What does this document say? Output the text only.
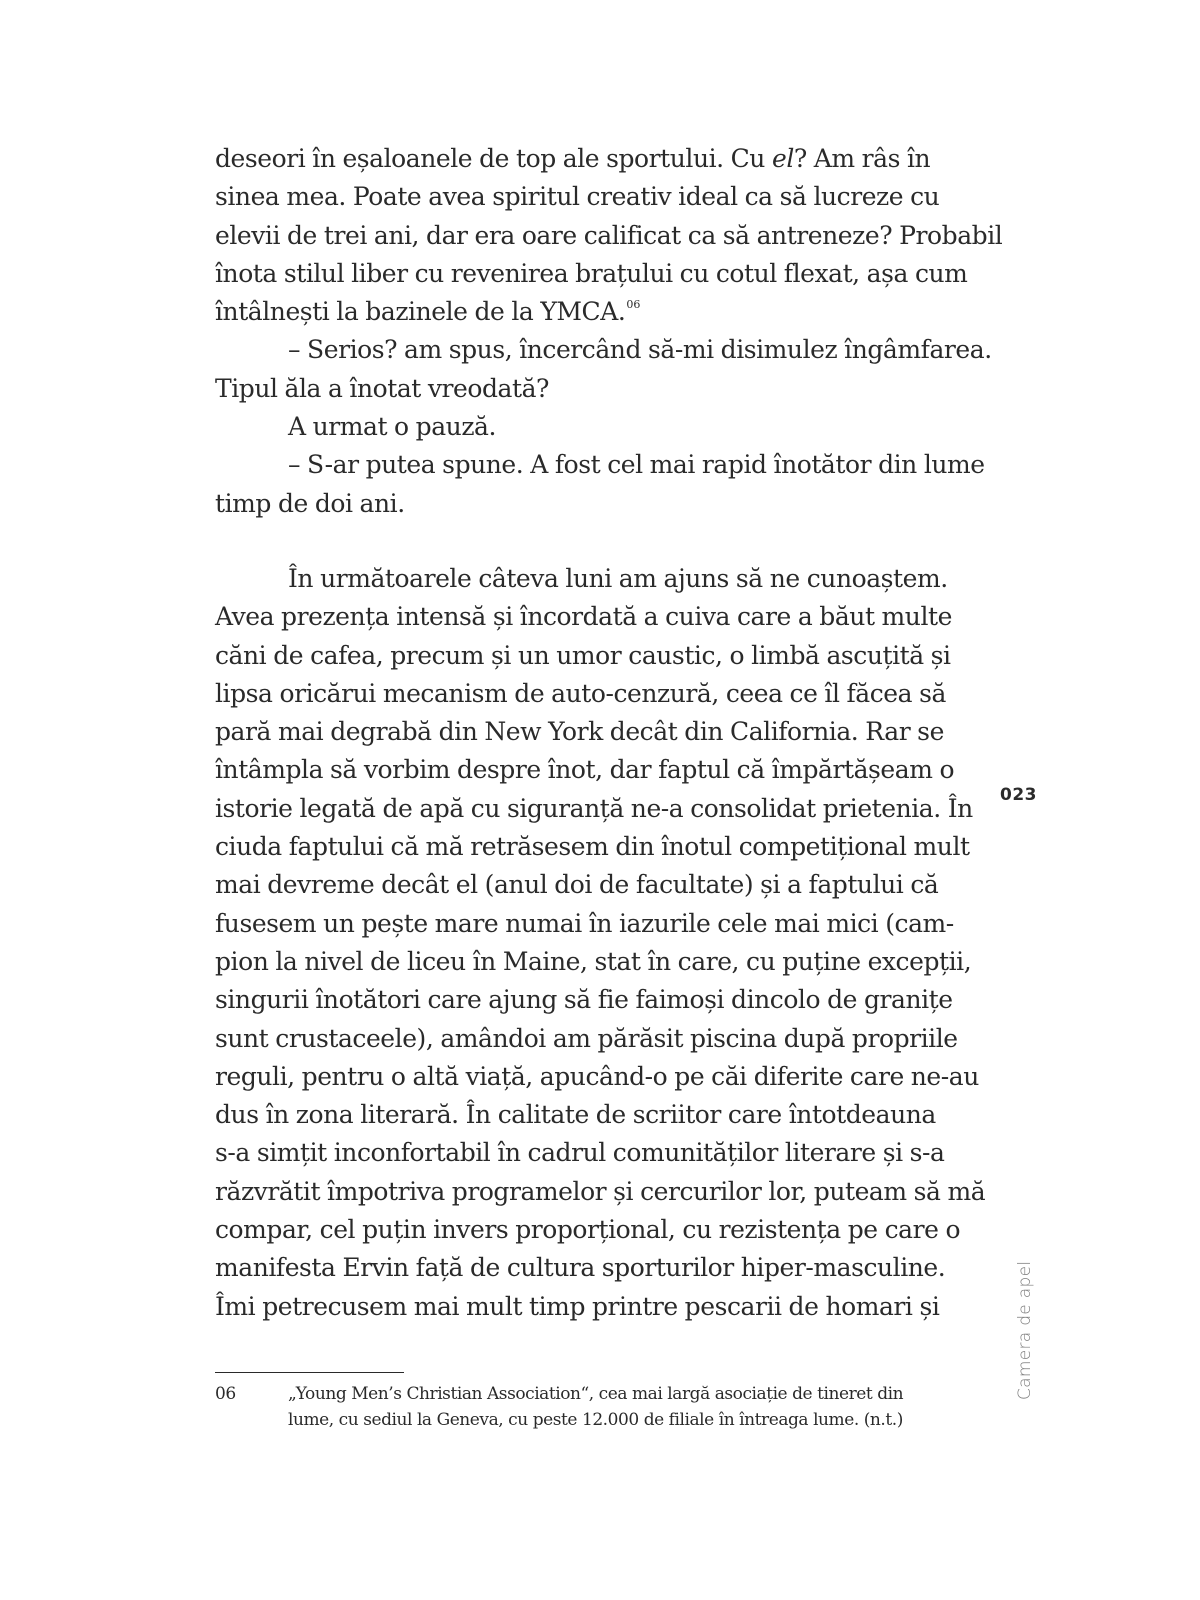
deseori în eșaloanele de top ale sportului. Cu el? Am râs în
sinea mea. Poate avea spiritul creativ ideal ca să lucreze cu
elevii de trei ani, dar era oare calificat ca să antreneze? Probabil
înota stilul liber cu revenirea brațului cu cotul flexat, așa cum
întâlnești la bazinele de la YMCA.$^{06}$
– Serios? am spus, încercând să-mi disimulez îngâmfarea.
Tipul ăla a înotat vreodată?
A urmat o pauză.
– S-ar putea spune. A fost cel mai rapid înotător din lume
timp de doi ani.
În următoarele câteva luni am ajuns să ne cunoaștem.
Avea prezența intensă și încordată a cuiva care a băut multe
căni de cafea, precum și un umor caustic, o limbă ascuțită și
lipsa oricărui mecanism de auto-cenzură, ceea ce îl făcea să
pară mai degrabă din New York decât din California. Rar se
întâmpla să vorbim despre înot, dar faptul că împărtășeam o
istorie legată de apă cu siguranță ne-a consolidat prietenia. În
ciuda faptului că mă retrăsesem din înotul competițional mult
mai devreme decât el (anul doi de facultate) și a faptului că
fusesem un pește mare numai în iazurile cele mai mici (cam-
pion la nivel de liceu în Maine, stat în care, cu puține excepții,
singurii înotători care ajung să fie faimoși dincolo de granițe
sunt crustaceele), amândoi am părăsit piscina după propriile
reguli, pentru o altă viață, apucând-o pe căi diferite care ne-au
dus în zona literară. În calitate de scriitor care întotdeauna
s-a simțit inconfortabil în cadrul comunităților literare și s-a
răzvrătit împotriva programelor și cercurilor lor, puteam să mă
compar, cel puțin invers proporțional, cu rezistența pe care o
manifesta Ervin față de cultura sporturilor hiper-masculine.
Îmi petrecusem mai mult timp printre pescarii de homari și
06	„Young Men’s Christian Association“, cea mai largă asociație de tineret din
lume, cu sediul la Geneva, cu peste 12.000 de filiale în întreaga lume. (n.t.)
023
Camera de apel
